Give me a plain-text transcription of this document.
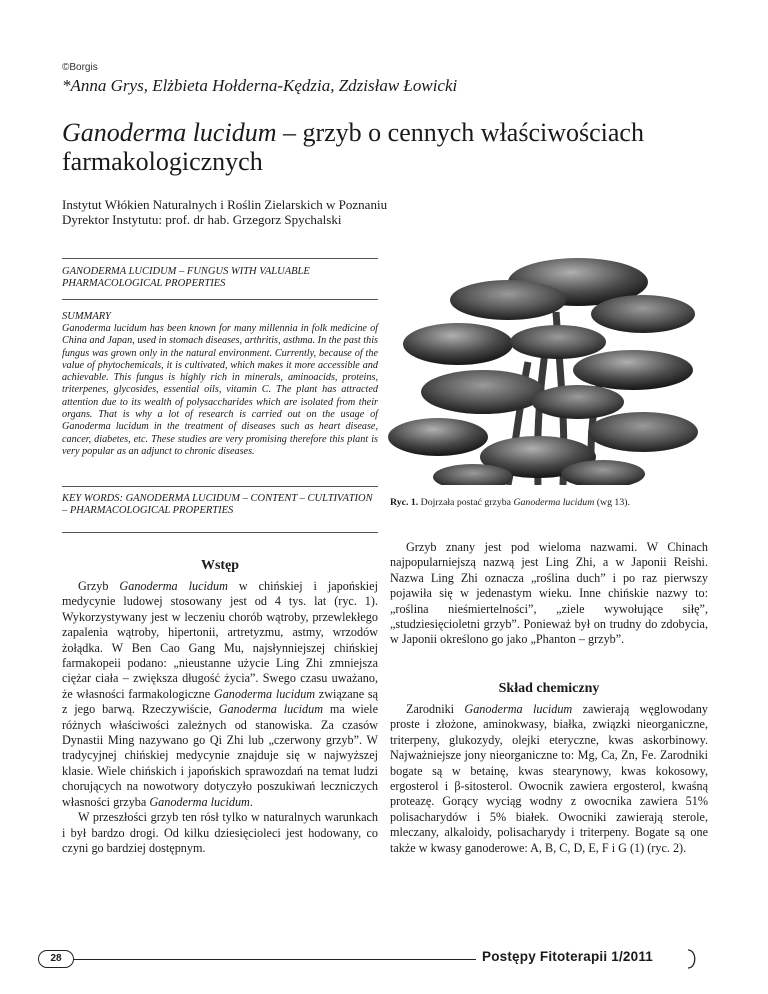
©Borgis
*Anna Grys, Elżbieta Hołderna-Kędzia, Zdzisław Łowicki
Ganoderma lucidum – grzyb o cennych właściwościach farmakologicznych
Instytut Włókien Naturalnych i Roślin Zielarskich w Poznaniu
Dyrektor Instytutu: prof. dr hab. Grzegorz Spychalski
GANODERMA LUCIDUM – FUNGUS WITH VALUABLE PHARMACOLOGICAL PROPERTIES
SUMMARY
Ganoderma lucidum has been known for many millennia in folk medicine of China and Japan, used in stomach diseases, arthritis, asthma. In the past this fungus was grown only in the natural environment. Currently, because of the value of phytochemicals, it is cultivated, which makes it more accessible and achievable. This fungus is highly rich in minerals, aminoacids, proteins, triterpenes, glycosides, essential oils, vitamin C. The plant has attracted attention due to its wealth of polysaccharides which are isolated from their organs. That is why a lot of research is carried out on the usage of Ganoderma lucidum in the treatment of diseases such as heart disease, cancer, diabetes, etc. These studies are very promising therefore this plant is very popular as an adjunct to chronic diseases.
KEY WORDS: GANODERMA LUCIDUM – CONTENT – CULTIVATION – PHARMACOLOGICAL PROPERTIES
Ryc. 1. Dojrzała postać grzyba Ganoderma lucidum (wg 13).
Wstęp

Grzyb Ganoderma lucidum w chińskiej i japońskiej medycynie ludowej stosowany jest od 4 tys. lat (ryc. 1). Wykorzystywany jest w leczeniu chorób wątroby, przewlekłego zapalenia wątroby, hipertonii, artretyzmu, astmy, wrzodów żołądka. W Ben Cao Gang Mu, najsłynniejszej chińskiej farmakopeii podano: „nieustanne użycie Ling Zhi zmniejsza ciężar ciała – zwiększa długość życia”. Swego czasu uważano, że własności farmakologiczne Ganoderma lucidum związane są z jego barwą. Rzeczywiście, Ganoderma lucidum ma wiele różnych właściwości zależnych od stanowiska. Za czasów Dynastii Ming nazywano go Qi Zhi lub „czerwony grzyb”. W tradycyjnej chińskiej medycynie znajduje się w najwyższej klasie. Wiele chińskich i japońskich sprawozdań na temat ludzi chorujących na nowotwory dotyczyło poszukiwań leczniczych własności grzyba Ganoderma lucidum.

W przeszłości grzyb ten rósł tylko w naturalnych warunkach i był bardzo drogi. Od kilku dziesięcioleci jest hodowany, co czyni go bardziej dostępnym.

Grzyb znany jest pod wieloma nazwami. W Chinach najpopularniejszą nazwą jest Ling Zhi, a w Japonii Reishi. Nazwa Ling Zhi oznacza „roślina duch” i po raz pierwszy pojawiła się w jedenastym wieku. Inne chińskie nazwy to: „roślina nieśmiertelności”, „ziele wywołujące siłę”, „studziesięcioletni grzyb”. Ponieważ był on trudny do zdobycia, w Japonii określono go jako „Phanton – grzyb”.

Skład chemiczny

Zarodniki Ganoderma lucidum zawierają węglowodany proste i złożone, aminokwasy, białka, związki nieorganiczne, triterpeny, glukozydy, olejki eteryczne, kwas askorbinowy. Najważniejsze jony nieorganiczne to: Mg, Ca, Zn, Fe. Zarodniki bogate są w betainę, kwas stearynowy, kwas kokosowy, ergosterol i β-sitosterol. Owocnik zawiera ergosterol, kwaśną proteazę. Gorący wyciąg wodny z owocnika zawiera 51% polisacharydów i 5% białek. Owocniki zawierają sterole, mleczany, alkaloidy, polisacharydy i triterpeny. Bogate są one także w kwasy ganoderowe: A, B, C, D, E, F i G (1) (ryc. 2).

28	Postępy Fitoterapii 1/2011
